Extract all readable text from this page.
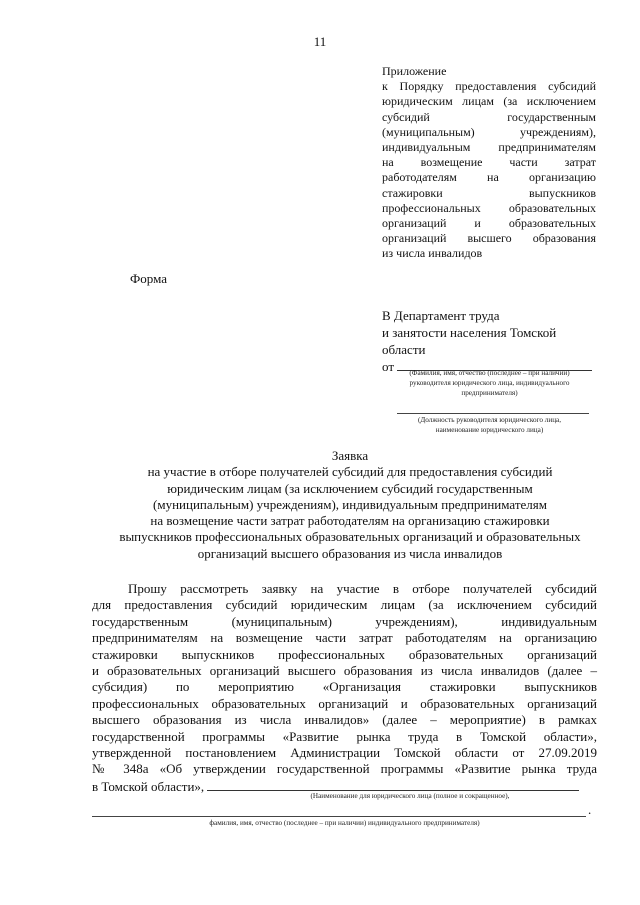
11
Приложение
к Порядку предоставления субсидий
юридическим лицам (за исключением
субсидий государственным
(муниципальным) учреждениям),
индивидуальным предпринимателям
на возмещение части затрат
работодателям на организацию
стажировки выпускников
профессиональных образовательных
организаций и образовательных
организаций высшего образования
из числа инвалидов
Форма
В Департамент труда
и занятости населения Томской
области
от	(Фамилия, имя, отчество (последнее – при наличии)
руководителя юридического лица, индивидуального
предпринимателя)
(Должность руководителя юридического лица,
наименование юридического лица)
Заявка
на участие в отборе получателей субсидий для предоставления субсидий
юридическим лицам (за исключением субсидий государственным
(муниципальным) учреждениям), индивидуальным предпринимателям
на возмещение части затрат работодателям на организацию стажировки
выпускников профессиональных образовательных организаций и образовательных
организаций высшего образования из числа инвалидов
Прошу рассмотреть заявку на участие в отборе получателей субсидий
для предоставления субсидий юридическим лицам (за исключением субсидий
государственным (муниципальным) учреждениям), индивидуальным
предпринимателям на возмещение части затрат работодателям на организацию
стажировки выпускников профессиональных образовательных организаций
и образовательных организаций высшего образования из числа инвалидов (далее –
субсидия) по мероприятию «Организация стажировки выпускников
профессиональных образовательных организаций и образовательных организаций
высшего образования из числа инвалидов» (далее – мероприятие) в рамках
государственной программы «Развитие рынка труда в Томской области»,
утвержденной постановлением Администрации Томской области от 27.09.2019
№ 348а «Об утверждении государственной программы «Развитие рынка труда
в Томской области»,
(Наименование для юридического лица (полное и сокращенное),
.
фамилия, имя, отчество (последнее – при наличии) индивидуального предпринимателя)
